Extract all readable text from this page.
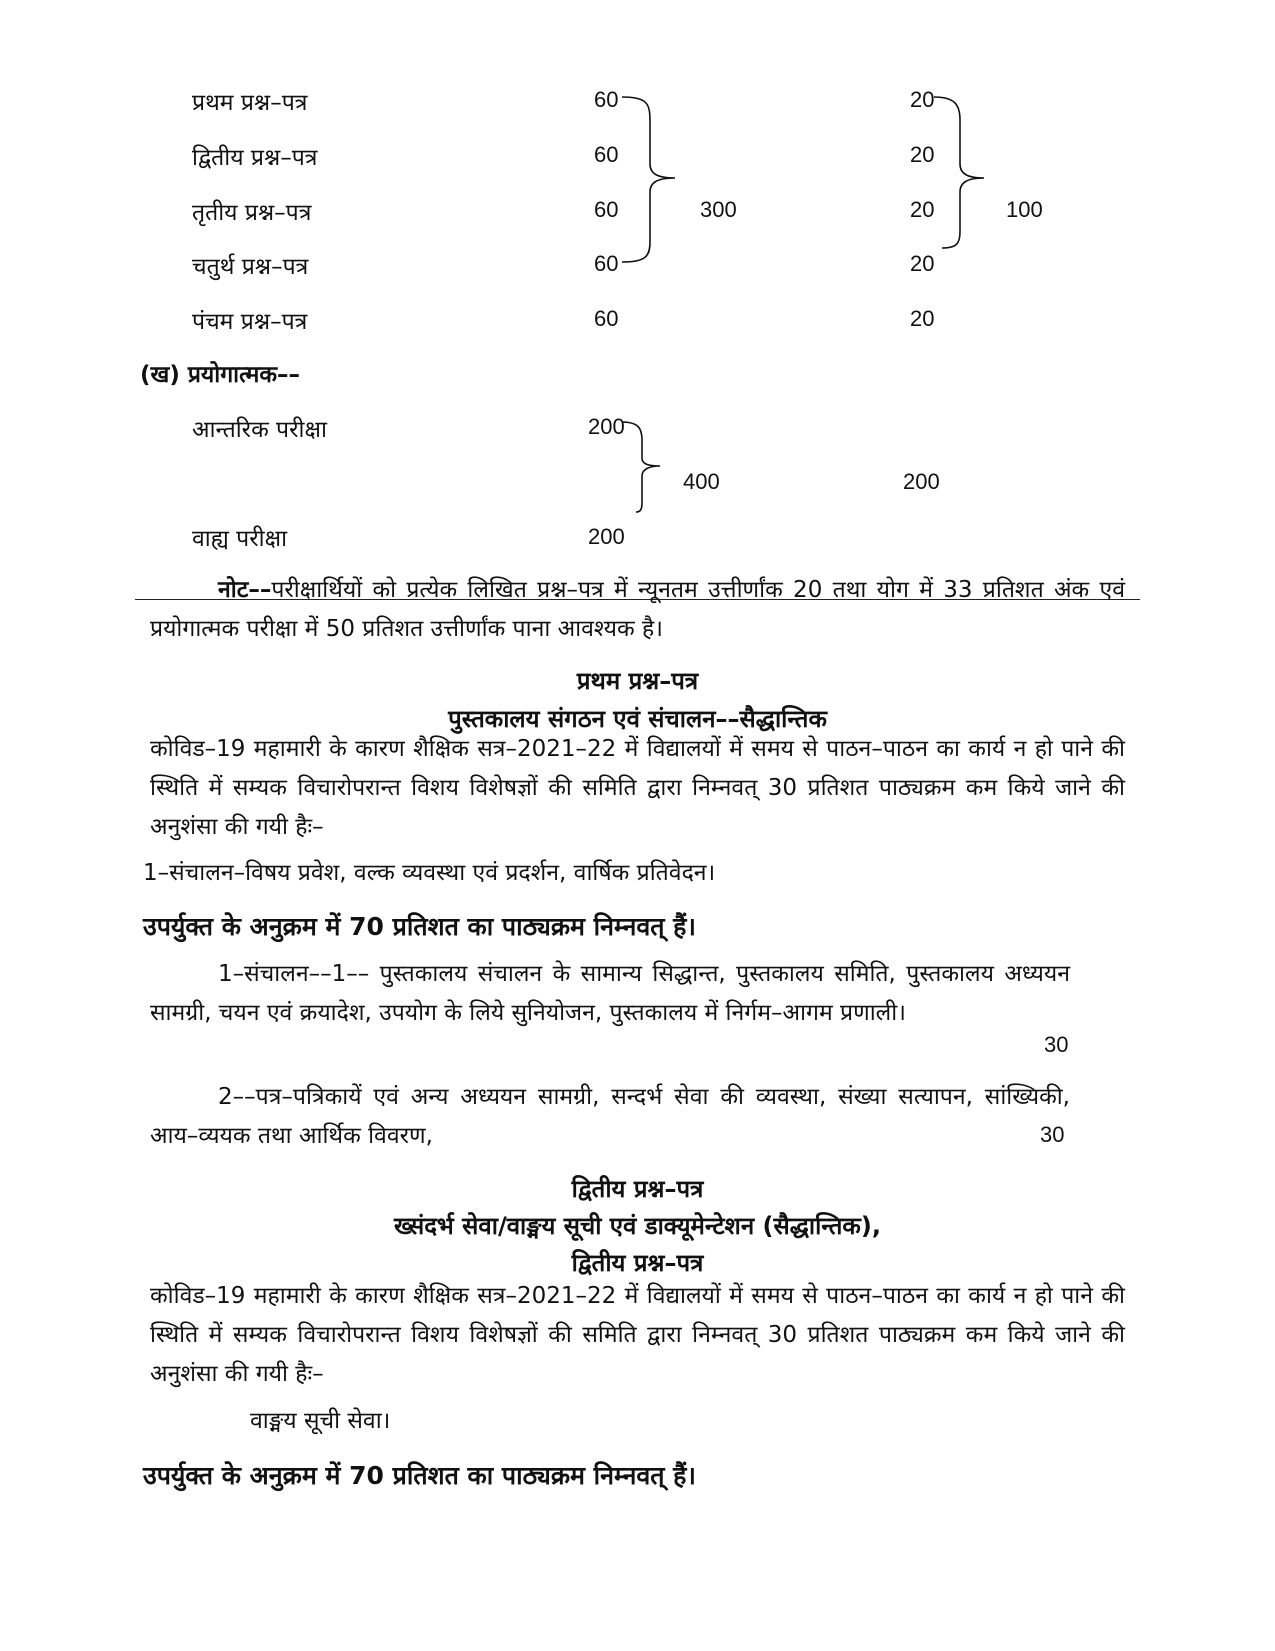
प्रथम प्रश्न–पत्र	60	20
द्वितीय प्रश्न–पत्र	60	20
तृतीय प्रश्न–पत्र	60	20
चतुर्थ प्रश्न–पत्र	60	20
पंचम प्रश्न–पत्र	60	20
300	100
(ख) प्रयोगात्मक––
आन्तरिक परीक्षा	200
400	200
वाह्य परीक्षा	200
नोट––परीक्षार्थियों को प्रत्येक लिखित प्रश्न–पत्र में न्यूनतम उत्तीर्णांक 20 तथा योग में 33 प्रतिशत अंक एवं प्रयोगात्मक परीक्षा में 50 प्रतिशत उत्तीर्णांक पाना आवश्यक है।
प्रथम प्रश्न–पत्र
पुस्तकालय संगठन एवं संचालन––सैद्धान्तिक
कोविड–19 महामारी के कारण शैक्षिक सत्र–2021–22 में विद्यालयों में समय से पाठन–पाठन का कार्य न हो पाने की स्थिति में सम्यक विचारोपरान्त विशय विशेषज्ञों की समिति द्वारा निम्नवत् 30 प्रतिशत पाठ्यक्रम कम किये जाने की अनुशंसा की गयी हैः–
1–संचालन–विषय प्रवेश, वल्क व्यवस्था एवं प्रदर्शन, वार्षिक प्रतिवेदन।
उपर्युक्त के अनुक्रम में 70 प्रतिशत का पाठ्यक्रम निम्नवत् हैं।
1–संचालन––1–– पुस्तकालय संचालन के सामान्य सिद्धान्त, पुस्तकालय समिति, पुस्तकालय अध्ययन सामग्री, चयन एवं क्रयादेश, उपयोग के लिये सुनियोजन, पुस्तकालय में निर्गम–आगम प्रणाली।
30
2––पत्र–पत्रिकायें एवं अन्य अध्ययन सामग्री, सन्दर्भ सेवा की व्यवस्था, संख्या सत्यापन, सांख्यिकी, आय–व्ययक तथा आर्थिक विवरण,	30
द्वितीय प्रश्न–पत्र
ख्संदर्भ सेवा/वाङ्मय सूची एवं डाक्यूमेन्टेशन (सैद्धान्तिक),
द्वितीय प्रश्न–पत्र
कोविड–19 महामारी के कारण शैक्षिक सत्र–2021–22 में विद्यालयों में समय से पाठन–पाठन का कार्य न हो पाने की स्थिति में सम्यक विचारोपरान्त विशय विशेषज्ञों की समिति द्वारा निम्नवत् 30 प्रतिशत पाठ्यक्रम कम किये जाने की अनुशंसा की गयी हैः–
वाङ्मय सूची सेवा।
उपर्युक्त के अनुक्रम में 70 प्रतिशत का पाठ्यक्रम निम्नवत् हैं।
